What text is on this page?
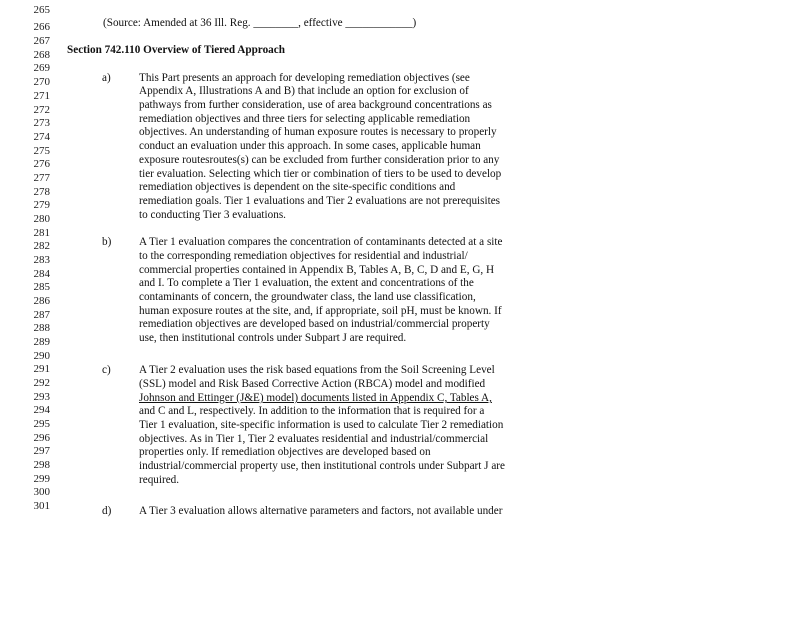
265
266
267
268
269
270
271
272
273
274
275
276
277
278
279
280
281
282
283
284
285
286
287
288
289
290
291
292
293
294
295
296
297
298
299
300
301
(Source: Amended at 36 Ill. Reg. ________, effective ____________)
Section 742.110 Overview of Tiered Approach
a)	This Part presents an approach for developing remediation objectives (see
Appendix A, Illustrations A and B) that include an option for exclusion of
pathways from further consideration, use of area background concentrations as
remediation objectives and three tiers for selecting applicable remediation
objectives. An understanding of human exposure routes is necessary to properly
conduct an evaluation under this approach. In some cases, applicable human
exposure routesroutes(s) can be excluded from further consideration prior to any
tier evaluation. Selecting which tier or combination of tiers to be used to develop
remediation objectives is dependent on the site-specific conditions and
remediation goals. Tier 1 evaluations and Tier 2 evaluations are not prerequisites
to conducting Tier 3 evaluations.
b) A Tier 1 evaluation compares the concentration of contaminants detected at a site
to the corresponding remediation objectives for residential and industrial/
commercial properties contained in Appendix B, Tables A, B, C, D and E, G, H
and I. To complete a Tier 1 evaluation, the extent and concentrations of the
contaminants of concern, the groundwater class, the land use classification,
human exposure routes at the site, and, if appropriate, soil pH, must be known. If
remediation objectives are developed based on industrial/commercial property
use, then institutional controls under Subpart J are required.
c)	A Tier 2 evaluation uses the risk based equations from the Soil Screening Level
(SSL) model and Risk Based Corrective Action (RBCA) model and modified
Johnson and Ettinger (J&E) model) documents listed in Appendix C, Tables A,
and C and L, respectively. In addition to the information that is required for a
Tier 1 evaluation, site-specific information is used to calculate Tier 2 remediation
objectives. As in Tier 1, Tier 2 evaluates residential and industrial/commercial
properties only. If remediation objectives are developed based on
industrial/commercial property use, then institutional controls under Subpart J are
required.
d) A Tier 3 evaluation allows alternative parameters and factors, not available under
